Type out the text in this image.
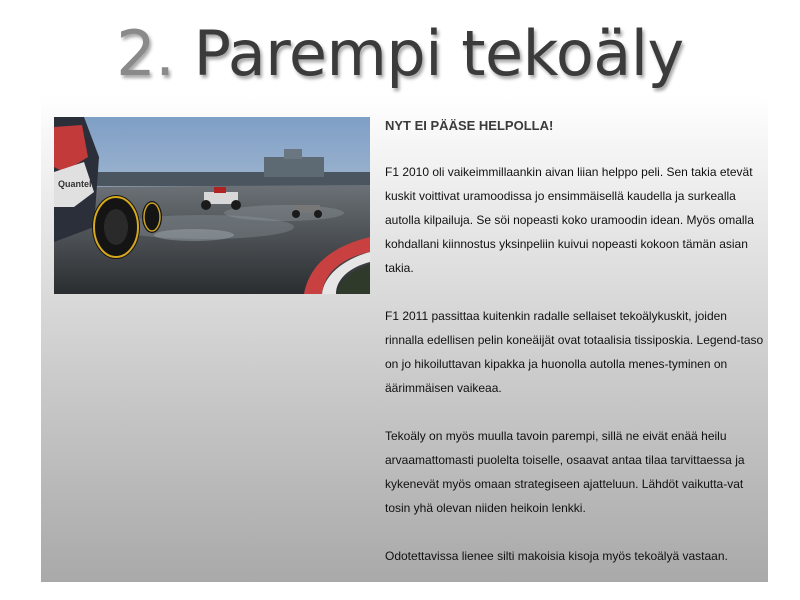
2. Parempi tekoäly
Quantel
NYT EI PÄÄSE HELPOLLA!
F1 2010 oli vaikeimmillaankin aivan liian helppo peli. Sen takia etevät kuskit voittivat uramoodissa jo ensimmäisellä kaudella ja surkealla autolla kilpailuja. Se söi nopeasti koko uramoodin idean. Myös omalla kohdallani kiinnostus yksinpeliin kuivui nopeasti kokoon tämän asian takia.
F1 2011 passittaa kuitenkin radalle sellaiset tekoälykuskit, joiden rinnalla edellisen pelin koneäijät ovat totaalisia tissiposkia. Legend-taso on jo hikoiluttavan kipakka ja huonolla autolla menes-tyminen on äärimmäisen vaikeaa.
Tekoäly on myös muulla tavoin parempi, sillä ne eivät enää heilu arvaamattomasti puolelta toiselle, osaavat antaa tilaa tarvittaessa ja kykenevät myös omaan strategiseen ajatteluun. Lähdöt vaikutta-vat tosin yhä olevan niiden heikoin lenkki.
Odotettavissa lienee silti makoisia kisoja myös tekoälyä vastaan.
